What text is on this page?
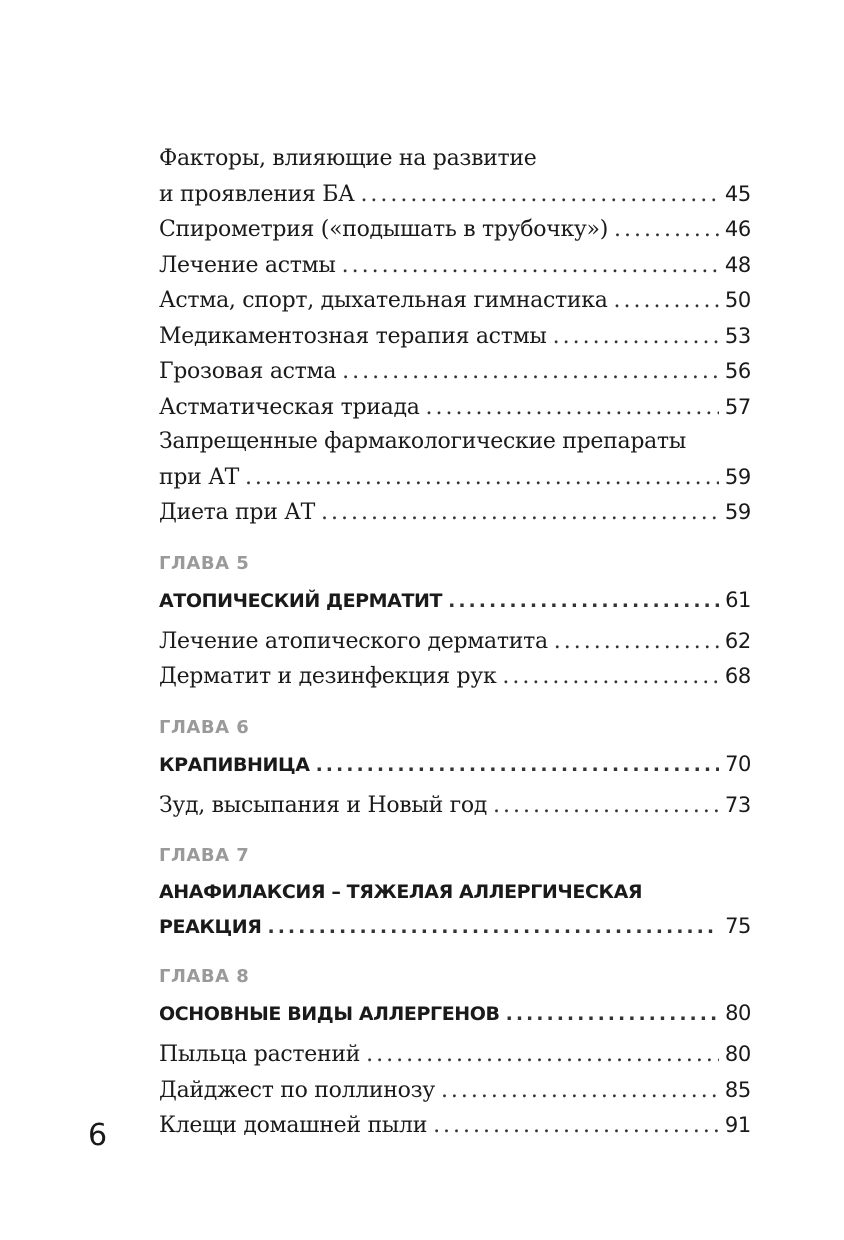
Факторы, влияющие на развитие
и проявления БА .....	45
Спирометрия («подышать в трубочку») .....	46
Лечение астмы .....	48
Астма, спорт, дыхательная гимнастика .....	50
Медикаментозная терапия астмы .....	53
Грозовая астма .....	56
Астматическая триада .....	57
Запрещенные фармакологические препараты
при АТ .....	59
Диета при АТ .....	59
ГЛАВА 5
АТОПИЧЕСКИЙ ДЕРМАТИТ .....	61
Лечение атопического дерматита .....	62
Дерматит и дезинфекция рук .....	68
ГЛАВА 6
КРАПИВНИЦА .....	70
Зуд, высыпания и Новый год .....	73
ГЛАВА 7
АНАФИЛАКСИЯ – ТЯЖЕЛАЯ АЛЛЕРГИЧЕСКАЯ
РЕАКЦИЯ .....	75
ГЛАВА 8
ОСНОВНЫЕ ВИДЫ АЛЛЕРГЕНОВ .....	80
Пыльца растений .....	80
Дайджест по поллинозу .....	85
Клещи домашней пыли .....	91
6
